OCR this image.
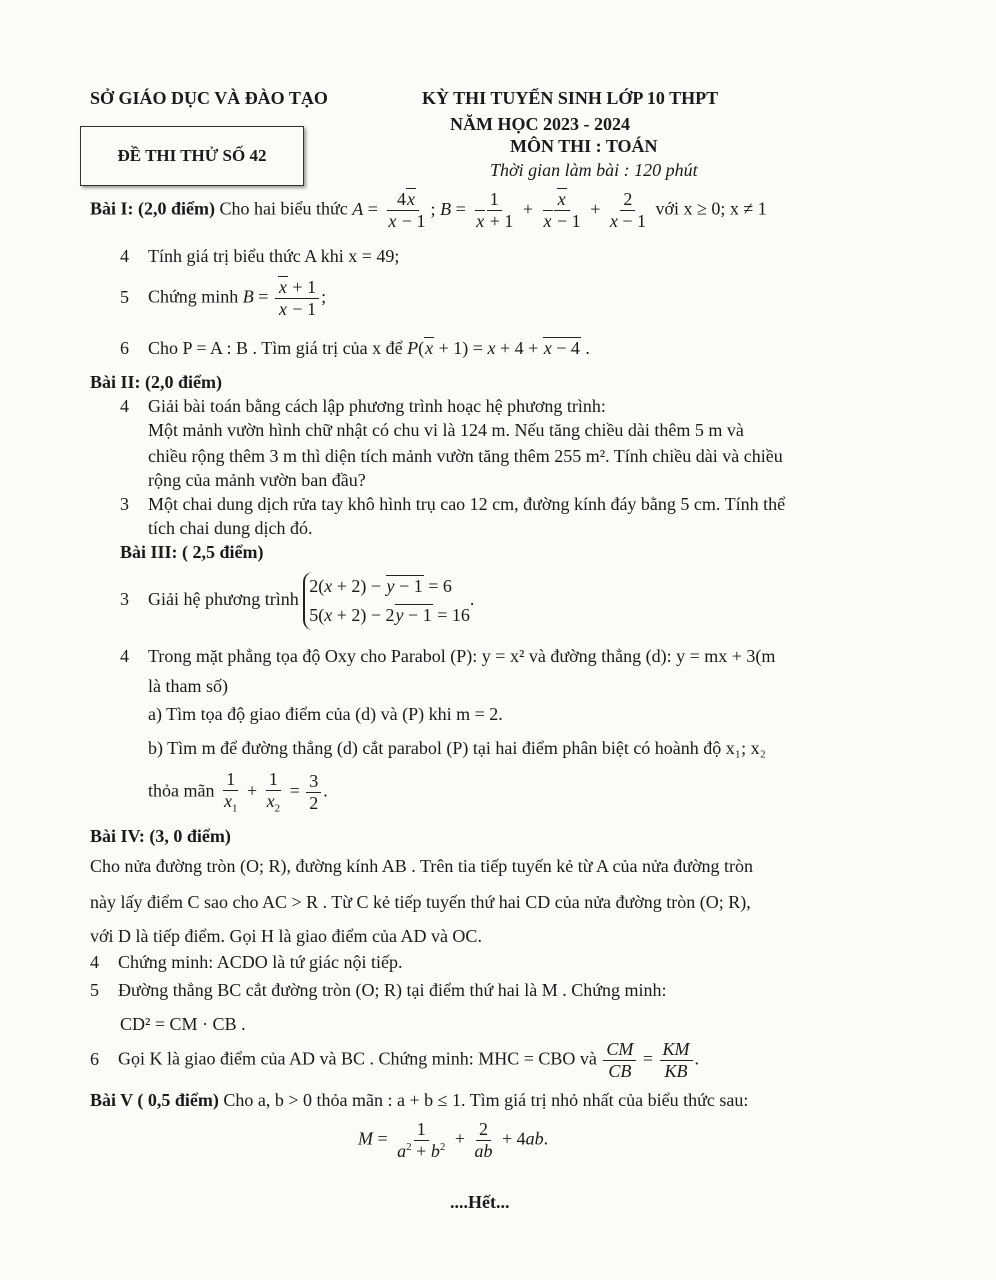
SỞ GIÁO DỤC VÀ ĐÀO TẠO	KỲ THI TUYỂN SINH LỚP 10 THPT
NĂM HỌC 2023 - 2024
MÔN THI : TOÁN
Thời gian làm bài : 120 phút
ĐỀ THI THỬ SỐ 42
Bài I: (2,0 điểm) Cho hai biểu thức $A = \frac{4x}{x - 1}$ ; $B = \frac{1}{x + 1} + \frac{x}{x - 1} + \frac{2}{x - 1}$ với x ≥ 0; x ≠ 1
4 Tính giá trị biểu thức A khi x = 49;
5 Chứng minh $B = \frac{x + 1}{x - 1}$ ;
6 Cho P = A : B . Tìm giá trị của x để P(x + 1) = x + 4 + x − 4 .
Bài II: (2,0 điểm)
4 Giải bài toán bằng cách lập phương trình hoạc hệ phương trình:
Một mảnh vườn hình chữ nhật có chu vi là 124 m. Nếu tăng chiều dài thêm 5 m và
chiều rộng thêm 3 m thì diện tích mảnh vườn tăng thêm 255 m². Tính chiều dài và chiều
rộng của mảnh vườn ban đầu?
3 Một chai dung dịch rửa tay khô hình trụ cao 12 cm, đường kính đáy bằng 5 cm. Tính thể
tích chai dung dịch đó.
Bài III: ( 2,5 điểm)
3 Giải hệ phương trình
2(x + 2) − y − 1 = 6
5(x + 2) − 2y − 1 = 16
.
4 Trong mặt phẳng tọa độ Oxy cho Parabol (P): y = x² và đường thẳng (d): y = mx + 3(m
là tham số)
a) Tìm tọa độ giao điểm của (d) và (P) khi m = 2.
b) Tìm m để đường thẳng (d) cắt parabol (P) tại hai điểm phân biệt có hoành độ x₁; x₂
thỏa mãn $\frac{1}{x_1} + \frac{1}{x_2} = \frac{3}{2}$ .
Bài IV: (3, 0 điểm)
Cho nửa đường tròn (O; R), đường kính AB . Trên tia tiếp tuyến kẻ từ A của nửa đường tròn
này lấy điểm C sao cho AC > R . Từ C kẻ tiếp tuyến thứ hai CD của nửa đường tròn (O; R),
với D là tiếp điểm. Gọi H là giao điểm của AD và OC.
4 Chứng minh: ACDO là tứ giác nội tiếp.
5 Đường thẳng BC cắt đường tròn (O; R) tại điểm thứ hai là M . Chứng minh:
CD² = CM · CB .
6 Gọi K là giao điểm của AD và BC . Chứng minh: MHC = CBO và $\frac{CM}{CB} = \frac{KM}{KB}$ .
Bài V ( 0,5 điểm) Cho a, b > 0 thỏa mãn : a + b ≤ 1. Tìm giá trị nhỏ nhất của biểu thức sau:
$M = \frac{1}{a^2 + b^2} + \frac{2}{ab} + 4ab$.
....Hết...
